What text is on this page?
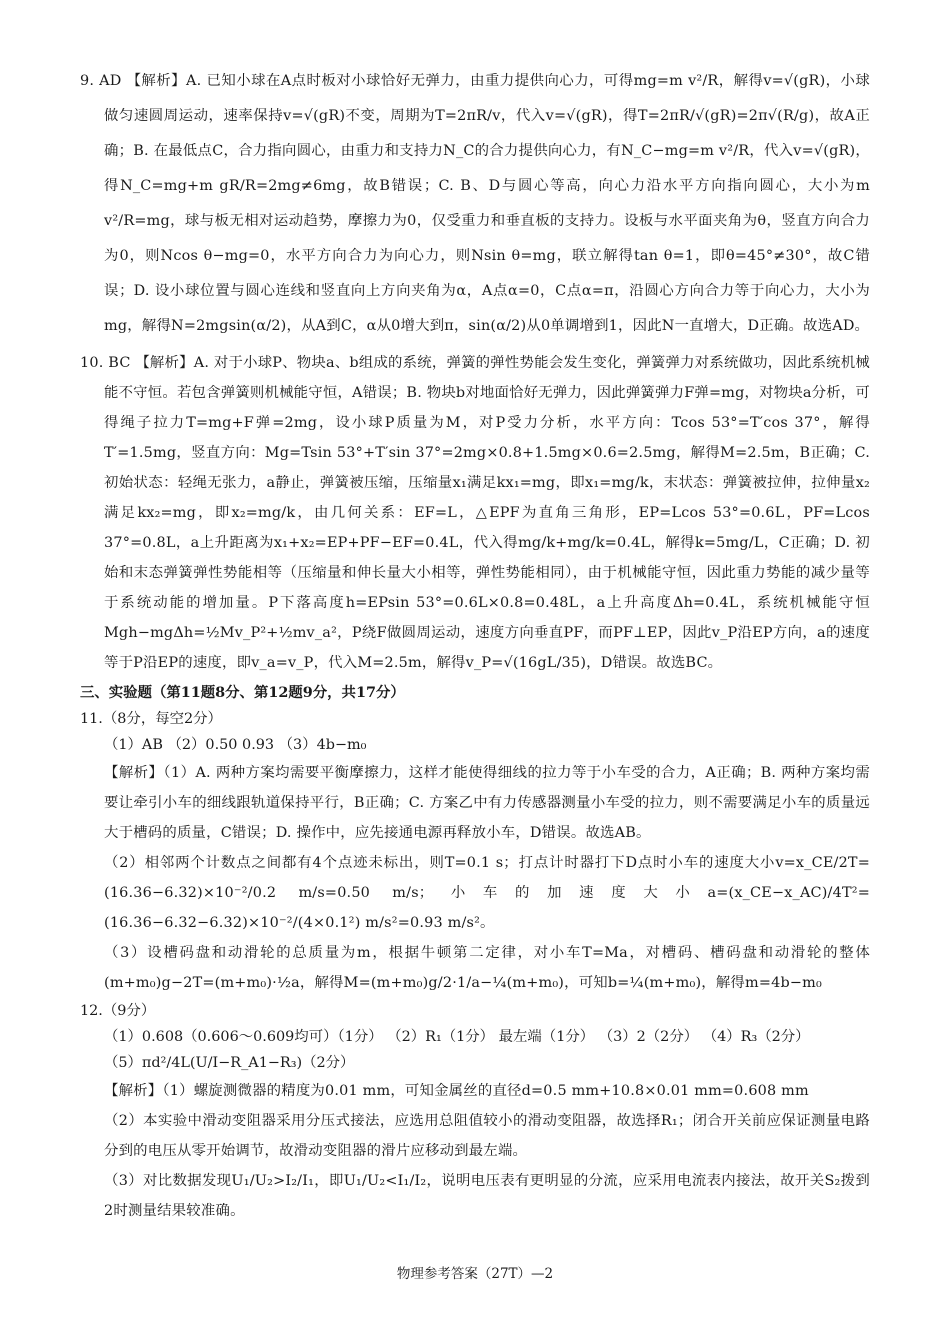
9. AD 【解析】A. 已知小球在A点时板对小球恰好无弹力，由重力提供向心力，可得mg=m v²/R，解得v=√(gR)，小球做匀速圆周运动，速率保持v=√(gR)不变，周期为T=2πR/v，代入v=√(gR)，得T=2πR/√(gR)=2π√(R/g)，故A正确；B. 在最低点C，合力指向圆心，由重力和支持力N_C的合力提供向心力，有N_C−mg=m v²/R，代入v=√(gR)，得N_C=mg+m gR/R=2mg≠6mg，故B错误；C. B、D与圆心等高，向心力沿水平方向指向圆心，大小为m v²/R=mg，球与板无相对运动趋势，摩擦力为0，仅受重力和垂直板的支持力。设板与水平面夹角为θ，竖直方向合力为0，则Ncos θ−mg=0，水平方向合力为向心力，则Nsin θ=mg，联立解得tan θ=1，即θ=45°≠30°，故C错误；D. 设小球位置与圆心连线和竖直向上方向夹角为α，A点α=0，C点α=π，沿圆心方向合力等于向心力，大小为mg，解得N=2mgsin(α/2)，从A到C，α从0增大到π，sin(α/2)从0单调增到1，因此N一直增大，D正确。故选AD。

10. BC 【解析】A. 对于小球P、物块a、b组成的系统，弹簧的弹性势能会发生变化，弹簧弹力对系统做功，因此系统机械能不守恒。若包含弹簧则机械能守恒，A错误；B. 物块b对地面恰好无弹力，因此弹簧弹力F弹=mg，对物块a分析，可得绳子拉力T=mg+F弹=2mg，设小球P质量为M，对P受力分析，水平方向：Tcos 53°=T′cos 37°，解得T′=1.5mg，竖直方向：Mg=Tsin 53°+T′sin 37°=2mg×0.8+1.5mg×0.6=2.5mg，解得M=2.5m，B正确；C. 初始状态：轻绳无张力，a静止，弹簧被压缩，压缩量x₁满足kx₁=mg，即x₁=mg/k，末状态：弹簧被拉伸，拉伸量x₂满足kx₂=mg，即x₂=mg/k，由几何关系：EF=L，△EPF为直角三角形，EP=Lcos 53°=0.6L，PF=Lcos 37°=0.8L，a上升距离为x₁+x₂=EP+PF−EF=0.4L，代入得mg/k+mg/k=0.4L，解得k=5mg/L，C正确；D. 初始和末态弹簧弹性势能相等（压缩量和伸长量大小相等，弹性势能相同），由于机械能守恒，因此重力势能的减少量等于系统动能的增加量。P下落高度h=EPsin 53°=0.6L×0.8=0.48L，a上升高度Δh=0.4L，系统机械能守恒Mgh−mgΔh=½Mv_P²+½mv_a²，P绕F做圆周运动，速度方向垂直PF，而PF⊥EP，因此v_P沿EP方向，a的速度等于P沿EP的速度，即v_a=v_P，代入M=2.5m，解得v_P=√(16gL/35)，D错误。故选BC。

三、实验题（第11题8分、第12题9分，共17分）

11.（8分，每空2分）

（1）AB （2）0.50 0.93 （3）4b−m₀

【解析】（1）A. 两种方案均需要平衡摩擦力，这样才能使得细线的拉力等于小车受的合力，A正确；B. 两种方案均需要让牵引小车的细线跟轨道保持平行，B正确；C. 方案乙中有力传感器测量小车受的拉力，则不需要满足小车的质量远大于槽码的质量，C错误；D. 操作中，应先接通电源再释放小车，D错误。故选AB。

（2）相邻两个计数点之间都有4个点迹未标出，则T=0.1 s；打点计时器打下D点时小车的速度大小v=x_CE/2T=(16.36−6.32)×10⁻²/0.2 m/s=0.50 m/s；小车的加速度大小a=(x_CE−x_AC)/4T²=(16.36−6.32−6.32)×10⁻²/(4×0.1²) m/s²=0.93 m/s²。

（3）设槽码盘和动滑轮的总质量为m，根据牛顿第二定律，对小车T=Ma，对槽码、槽码盘和动滑轮的整体(m+m₀)g−2T=(m+m₀)·½a，解得M=(m+m₀)g/2·1/a−¼(m+m₀)，可知b=¼(m+m₀)，解得m=4b−m₀

12.（9分）

（1）0.608（0.606～0.609均可）（1分） （2）R₁（1分） 最左端（1分） （3）2（2分） （4）R₃（2分）

（5）πd²/4L(U/I−R_A1−R₃)（2分）

【解析】（1）螺旋测微器的精度为0.01 mm，可知金属丝的直径d=0.5 mm+10.8×0.01 mm=0.608 mm

（2）本实验中滑动变阻器采用分压式接法，应选用总阻值较小的滑动变阻器，故选择R₁；闭合开关前应保证测量电路分到的电压从零开始调节，故滑动变阻器的滑片应移动到最左端。

（3）对比数据发现U₁/U₂>I₂/I₁，即U₁/U₂<I₁/I₂，说明电压表有更明显的分流，应采用电流表内接法，故开关S₂拨到2时测量结果较准确。

物理参考答案（27T）—2
